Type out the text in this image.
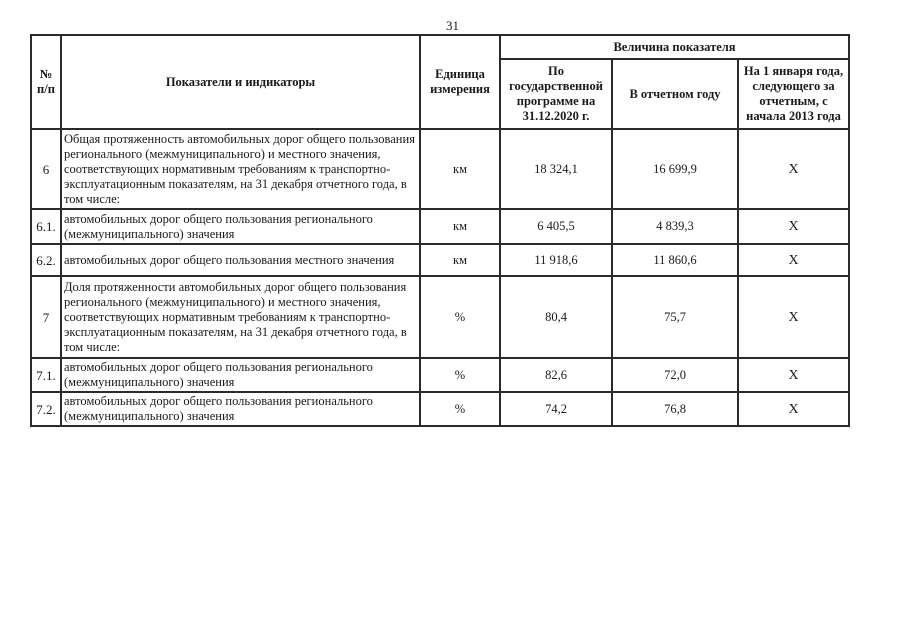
31
№ п/п	Показатели и индикаторы	Единица измерения	Величина показателя		
			По государственной программе на 31.12.2020 г.	В отчетном году	На 1 января года, следующего за отчетным, с начала 2013 года
6	Общая протяженность автомобильных дорог общего пользования регионального (межмуниципального) и местного значения, соответствующих нормативным требованиям к транспортно-эксплуатационным показателям, на 31 декабря отчетного года, в том числе:	км	18 324,1	16 699,9	Х
6.1.	автомобильных дорог общего пользования регионального (межмуниципального) значения	км	6 405,5	4 839,3	Х
6.2.	автомобильных дорог общего пользования местного значения	км	11 918,6	11 860,6	Х
7	Доля протяженности автомобильных дорог общего пользования регионального (межмуниципального) и местного значения, соответствующих нормативным требованиям к транспортно-эксплуатационным показателям, на 31 декабря отчетного года, в том числе:	%	80,4	75,7	Х
7.1.	автомобильных дорог общего пользования регионального (межмуниципального) значения	%	82,6	72,0	Х
7.2.	автомобильных дорог общего пользования регионального (межмуниципального) значения	%	74,2	76,8	Х
